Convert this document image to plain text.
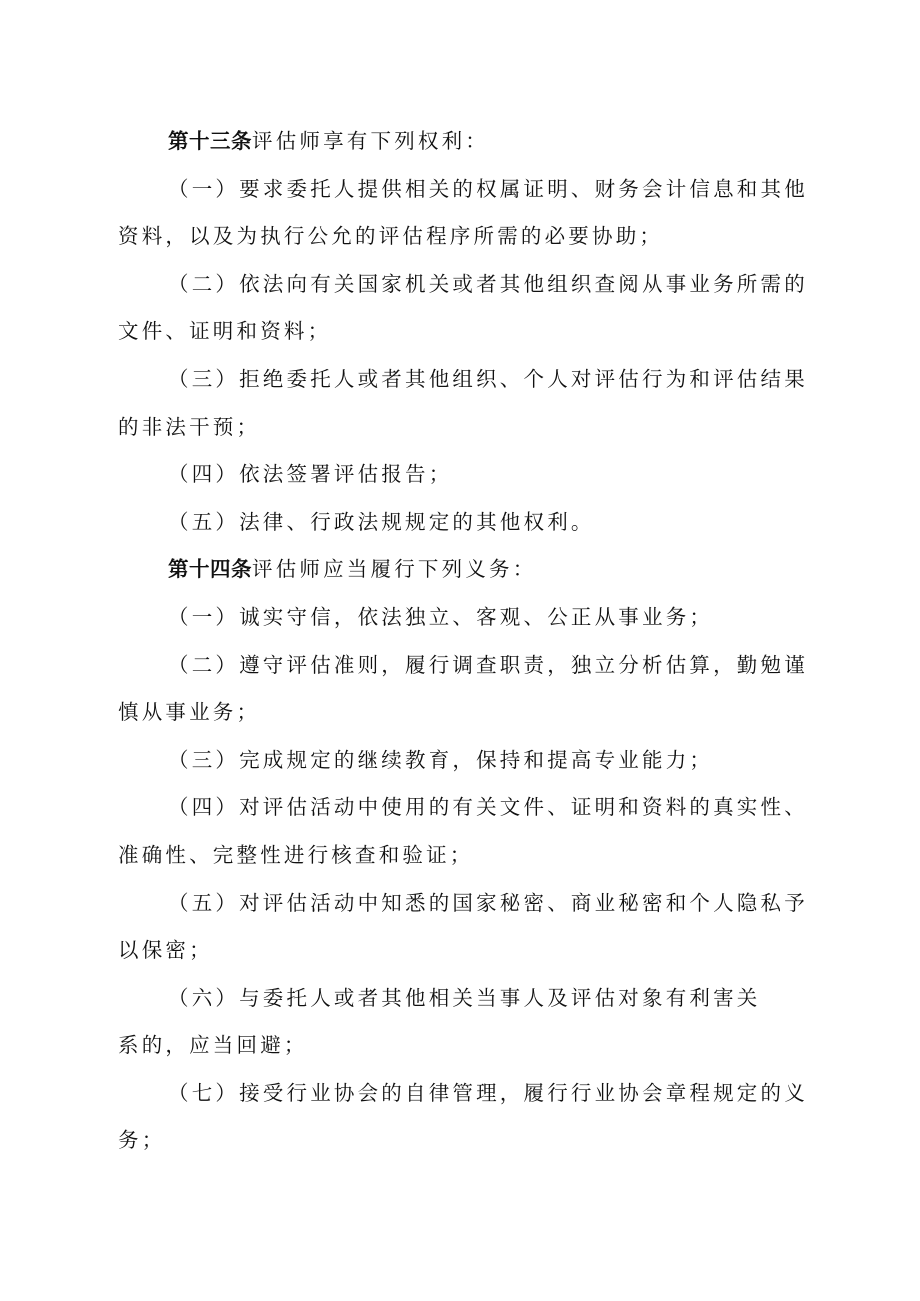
第十三条评估师享有下列权利：

（一）要求委托人提供相关的权属证明、财务会计信息和其他
资料，以及为执行公允的评估程序所需的必要协助；

（二）依法向有关国家机关或者其他组织查阅从事业务所需的
文件、证明和资料；

（三）拒绝委托人或者其他组织、个人对评估行为和评估结果
的非法干预；

（四）依法签署评估报告；

（五）法律、行政法规规定的其他权利。

第十四条评估师应当履行下列义务：

（一）诚实守信，依法独立、客观、公正从事业务；

（二）遵守评估准则，履行调查职责，独立分析估算，勤勉谨
慎从事业务；

（三）完成规定的继续教育，保持和提高专业能力；

（四）对评估活动中使用的有关文件、证明和资料的真实性、
准确性、完整性进行核查和验证；

（五）对评估活动中知悉的国家秘密、商业秘密和个人隐私予
以保密；

（六）与委托人或者其他相关当事人及评估对象有利害关
系的，应当回避；

（七）接受行业协会的自律管理，履行行业协会章程规定的义
务；
